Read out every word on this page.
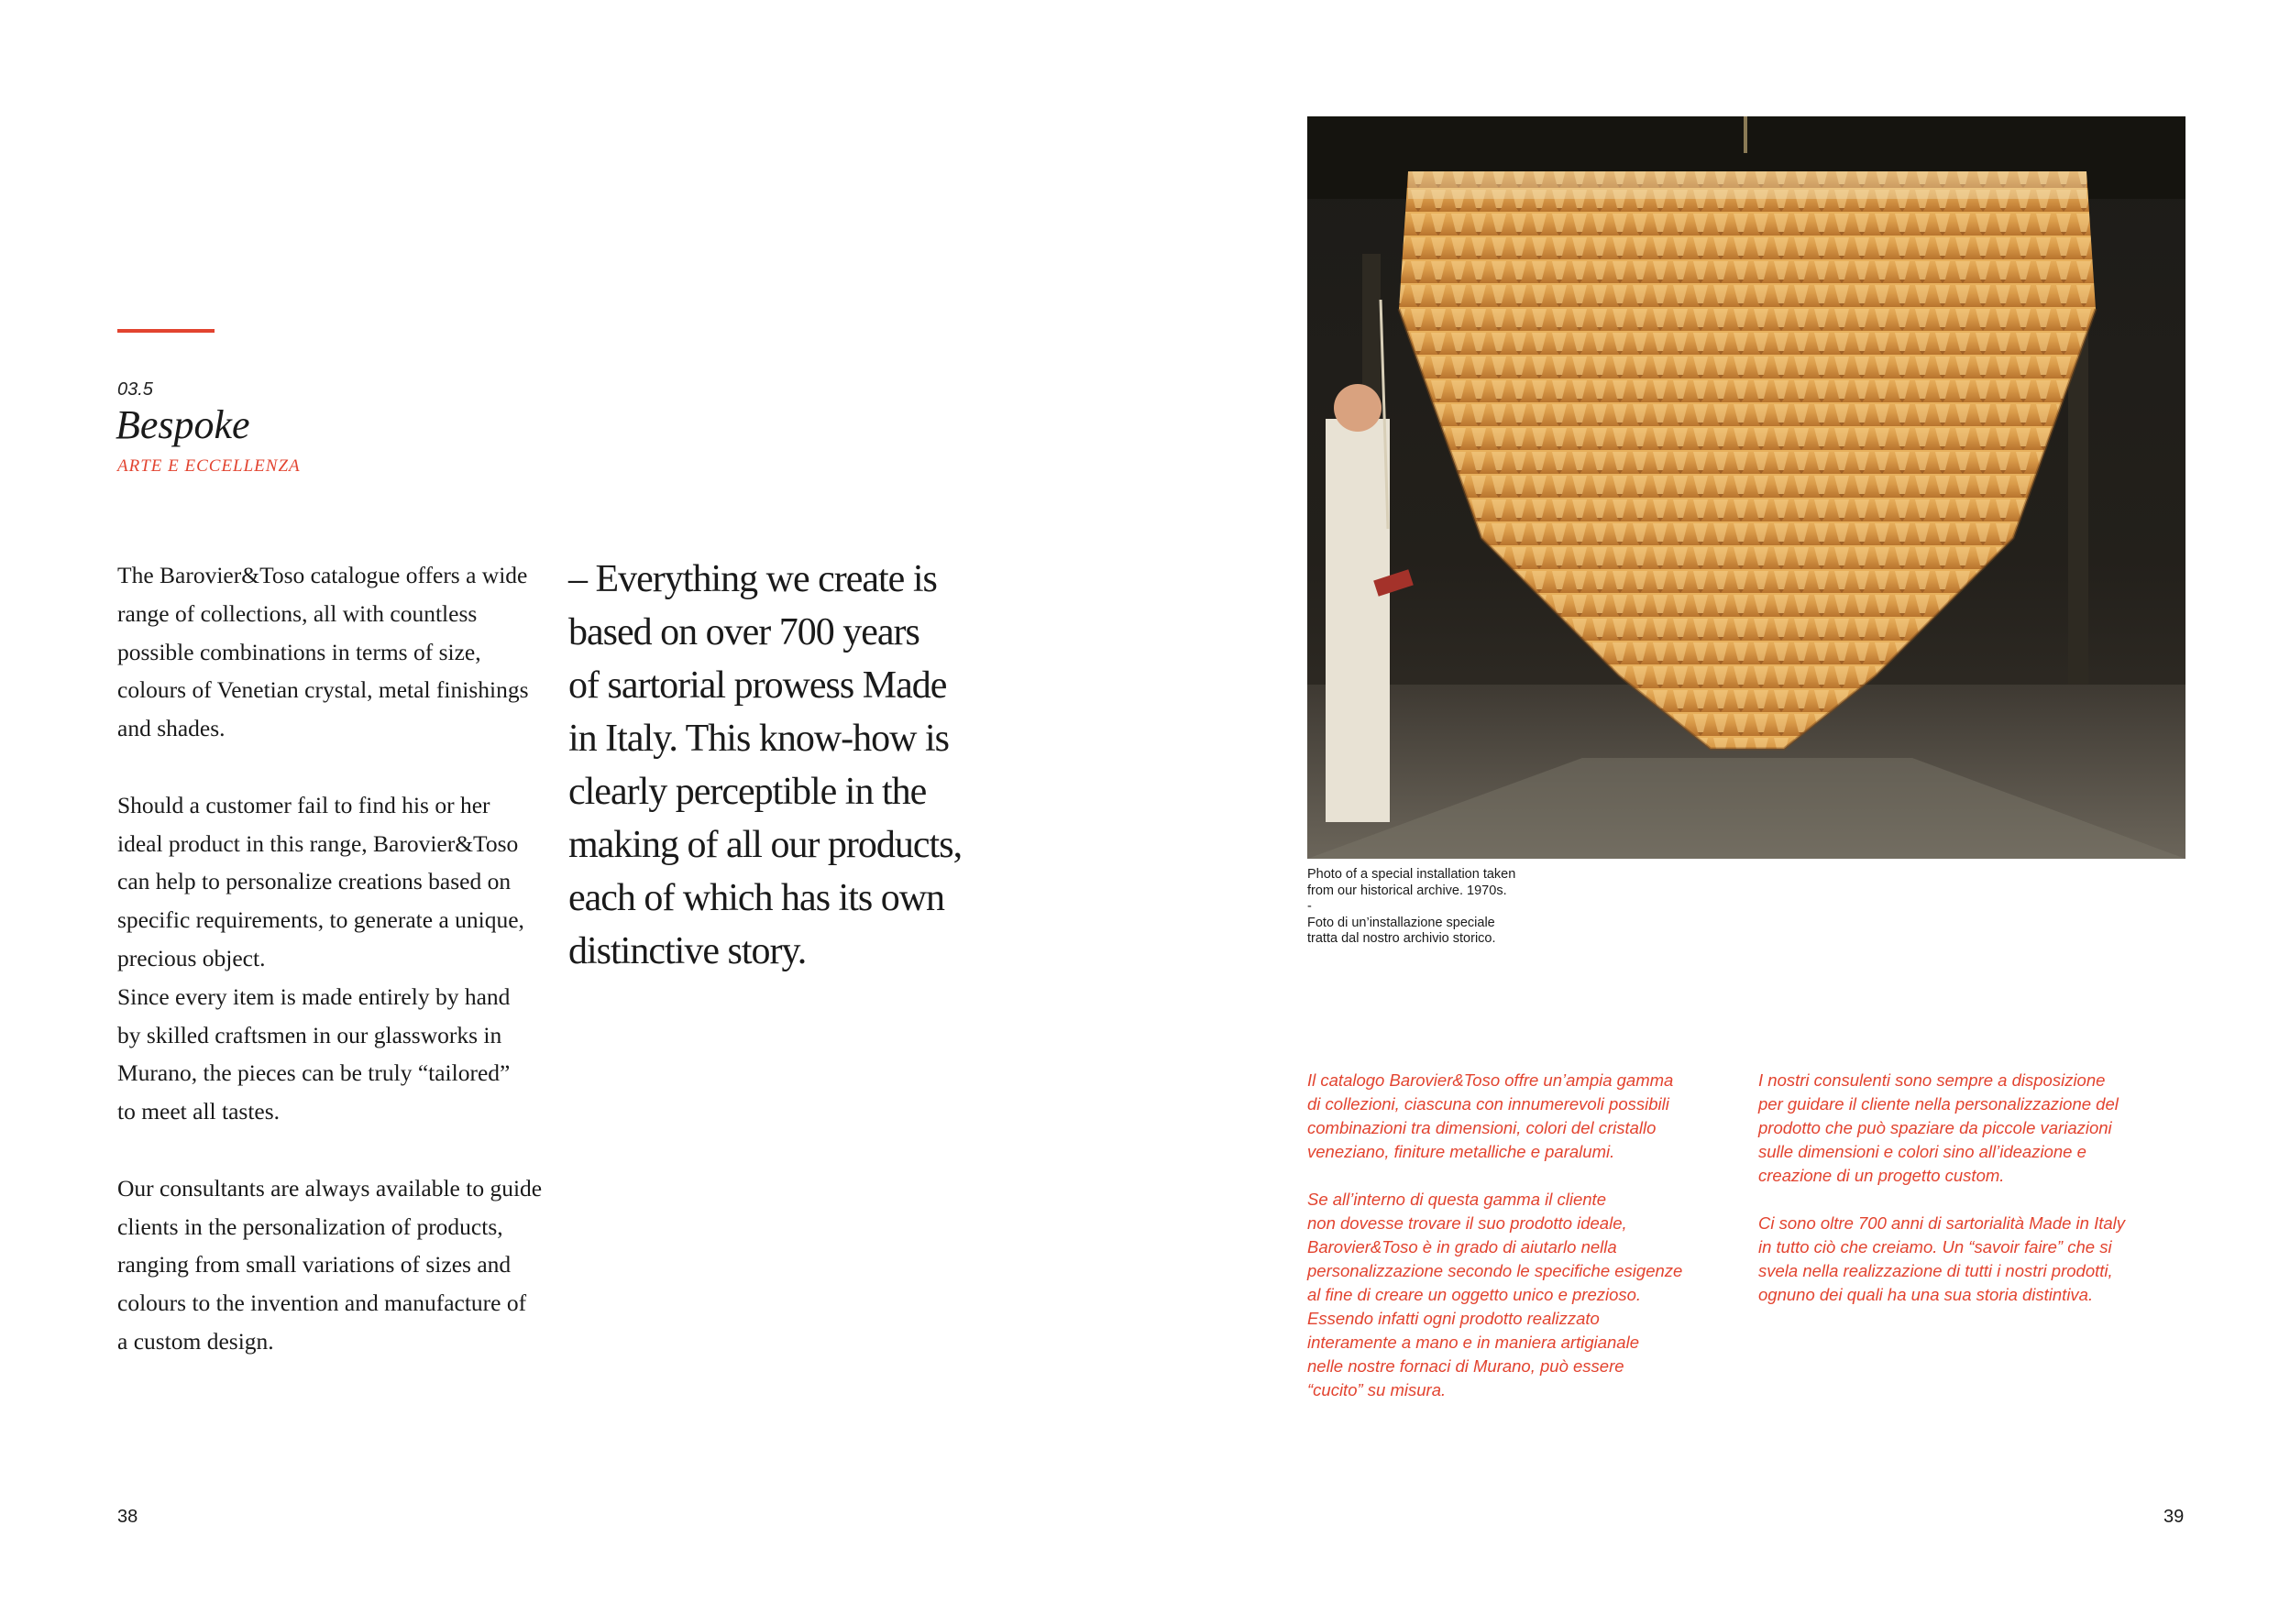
03.5
Bespoke
ARTE E ECCELLENZA

The Barovier&Toso catalogue offers a wide
range of collections, all with countless
possible combinations in terms of size,
colours of Venetian crystal, metal finishings
and shades.

Should a customer fail to find his or her
ideal product in this range, Barovier&Toso
can help to personalize creations based on
specific requirements, to generate a unique,
precious object.

Since every item is made entirely by hand
by skilled craftsmen in our glassworks in
Murano, the pieces can be truly “tailored”
to meet all tastes.

Our consultants are always available to guide
clients in the personalization of products,
ranging from small variations of sizes and
colours to the invention and manufacture of
a custom design.

– Everything we create is
based on over 700 years
of sartorial prowess Made
in Italy. This know-how is
clearly perceptible in the
making of all our products,
each of which has its own
distinctive story.
38
Photo of a special installation taken
from our historical archive. 1970s.
-
Foto di un’installazione speciale
tratta dal nostro archivio storico.

Il catalogo Barovier&Toso offre un’ampia gamma
di collezioni, ciascuna con innumerevoli possibili
combinazioni tra dimensioni, colori del cristallo
veneziano, finiture metalliche e paralumi.

Se all’interno di questa gamma il cliente
non dovesse trovare il suo prodotto ideale,
Barovier&Toso è in grado di aiutarlo nella
personalizzazione secondo le specifiche esigenze
al fine di creare un oggetto unico e prezioso.

Essendo infatti ogni prodotto realizzato
interamente a mano e in maniera artigianale
nelle nostre fornaci di Murano, può essere
“cucito” su misura.

I nostri consulenti sono sempre a disposizione
per guidare il cliente nella personalizzazione del
prodotto che può spaziare da piccole variazioni
sulle dimensioni e colori sino all’ideazione e
creazione di un progetto custom.

Ci sono oltre 700 anni di sartorialità Made in Italy
in tutto ciò che creiamo. Un “savoir faire” che si
svela nella realizzazione di tutti i nostri prodotti,
ognuno dei quali ha una sua storia distintiva.

39
